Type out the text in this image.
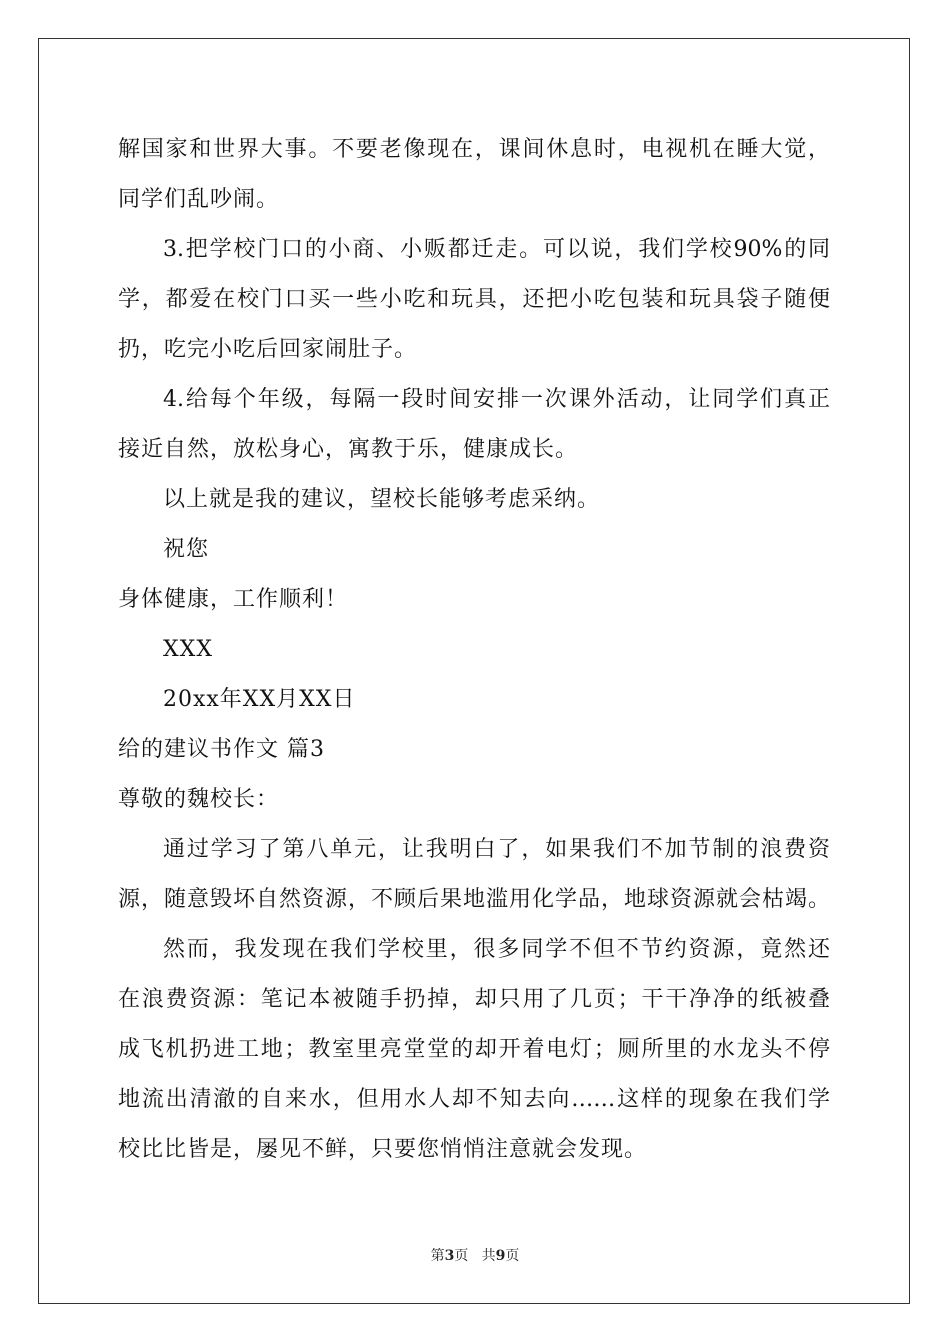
解国家和世界大事。不要老像现在，课间休息时，电视机在睡大觉，
同学们乱吵闹。
3.把学校门口的小商、小贩都迁走。可以说，我们学校90%的同
学，都爱在校门口买一些小吃和玩具，还把小吃包装和玩具袋子随便
扔，吃完小吃后回家闹肚子。
4.给每个年级，每隔一段时间安排一次课外活动，让同学们真正
接近自然，放松身心，寓教于乐，健康成长。
以上就是我的建议，望校长能够考虑采纳。
祝您
身体健康，工作顺利！
XXX
20xx年XX月XX日
给的建议书作文 篇3
尊敬的魏校长：
通过学习了第八单元，让我明白了，如果我们不加节制的浪费资
源，随意毁坏自然资源，不顾后果地滥用化学品，地球资源就会枯竭。
然而，我发现在我们学校里，很多同学不但不节约资源，竟然还
在浪费资源：笔记本被随手扔掉，却只用了几页；干干净净的纸被叠
成飞机扔进工地；教室里亮堂堂的却开着电灯；厕所里的水龙头不停
地流出清澈的自来水，但用水人却不知去向……这样的现象在我们学
校比比皆是，屡见不鲜，只要您悄悄注意就会发现。
第3页 共9页
